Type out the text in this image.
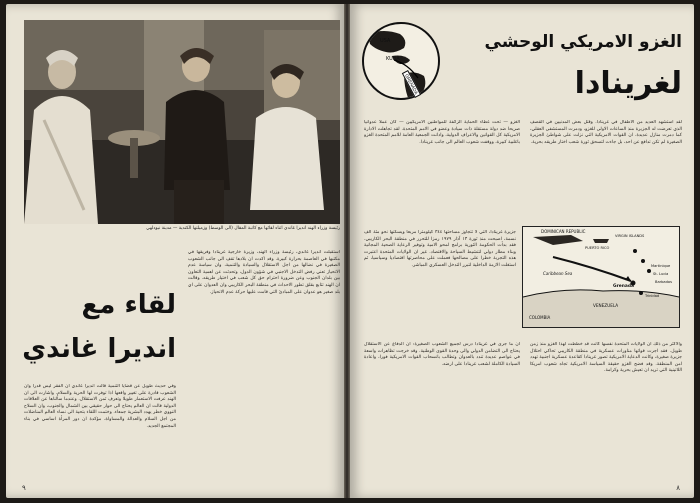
رئيسة وزراء الهند انديرا غاندي اثناء لقائها مع كاتبة المقال (الى الوسط) وزميلتها الكندية — مدينة نيودلهي
استقبلت انديرا غاندي، رئيسة وزراء الهند، وزيرة خارجية غرينادا وفريقها في مكتبها في العاصمة بحرارة كبيرة. وقد اكدت ان بلادها تقف الى جانب الشعوب الصغيرة في نضالها من اجل الاستقلال والسيادة والتنمية، وان سياسة عدم الانحياز تعني رفض التدخل الاجنبي في شؤون الدول، وتحدثت عن اهمية التعاون بين بلدان الجنوب وعن ضرورة احترام حق كل شعب في اختيار طريقه. وقالت ان الهند تتابع بقلق تطور الاحداث في منطقة البحر الكاريبي وان العدوان على اي بلد صغير هو عدوان على المبادئ التي قامت عليها حركة عدم الانحياز.
لقاء مع
انديرا غاندي
وفي حديث طويل عن قضايا التنمية قالت انديرا غاندي ان الفقر ليس قدرا وان الشعوب قادرة على تغيير واقعها اذا توفرت لها الحرية والسلام. واشارت الى ان الهند عرفت الاستعمار طويلا وتعرف ثمن الاستقلال. وعندما سألناها عن العلاقات الدولية قالت ان العالم يحتاج الى حوار حقيقي بين الشمال والجنوب، وان السلاح النووي خطر يهدد البشرية جمعاء. وختمت اللقاء بتحية الى نساء العالم المناضلات من اجل السلام والعدالة والمساواة، مؤكدة ان دور المرأة اساسي في بناء المجتمع الجديد.
٩
الغزو الامريكي الوحشي
لغرينادا
لقد استشهد العديد من الاطفال في غرينادا. وقتل بعض المدنيين في القصف الذي تعرضت له الجزيرة منذ الساعات الاولى للغزو، ودمرت المستشفى العقلي، كما دمرت منازل عديدة. ان القوات الامريكية التي نزلت على شواطئ الجزيرة الصغيرة لم تكن تدافع عن احد، بل جاءت لتسحق ثورة شعب اختار طريقه بحرية.
الغزو — تحت غطاء الحماية الزائفة للمواطنين الامريكيين — كان عملا عدوانيا صريحا ضد دولة مستقلة ذات سيادة وعضو في الامم المتحدة. لقد تجاهلت الادارة الامريكية كل القوانين والاعراف الدولية، وادانت الجمعية العامة للامم المتحدة الغزو باغلبية كبيرة، ووقفت شعوب العالم الى جانب غرينادا.
جزيرة غرينادا، التي لا تتجاوز مساحتها ٣٤٤ كيلومترا مربعا ويسكنها نحو مئة الف نسمة، اصبحت منذ ثورة ١٣ آذار ١٩٧٩ رمزا للتحرر في منطقة البحر الكاريبي. فقد بدأت الحكومة الثورية برامج لمحو الامية وتوفير الرعاية الصحية المجانية وبناء مطار دولي لتنشيط السياحة والاقتصاد. غير ان الولايات المتحدة اعتبرت هذه التجربة خطرا على مصالحها فعملت على محاصرتها اقتصاديا وسياسيا، ثم استغلت الازمة الداخلية لتبرر التدخل العسكري المباشر.
والاكثر من ذلك ان الولايات المتحدة نفسها كانت قد خططت لهذا الغزو منذ زمن طويل. فقد اجرت قواتها مناورات عسكرية في منطقة الكاريبي تحاكي احتلال جزيرة صغيرة، وكانت الدعاية الامريكية تصور غرينادا كقاعدة عسكرية اجنبية تهدد امن المنطقة. وقد فضح الغزو حقيقة السياسة الامريكية تجاه شعوب امريكا اللاتينية التي تريد ان تعيش بحرية وكرامة.
ان ما جرى في غرينادا درس لجميع الشعوب الصغيرة: ان الدفاع عن الاستقلال يحتاج الى التضامن الدولي والى وحدة القوى الوطنية. وقد خرجت تظاهرات واسعة في عواصم عديدة تندد بالعدوان وتطالب بانسحاب القوات الامريكية فورا، واعادة السيادة الكاملة لشعب غرينادا على ارضه.
٨
USA
KUBA
GRENADA
DOMINICAN REPUBLIC
VIRGIN ISLANDS
PUERTO RICO
Grenada
Trinidad
Martinique
St. Lucia
Barbados
VENEZUELA
COLOMBIA
Caribbean Sea
